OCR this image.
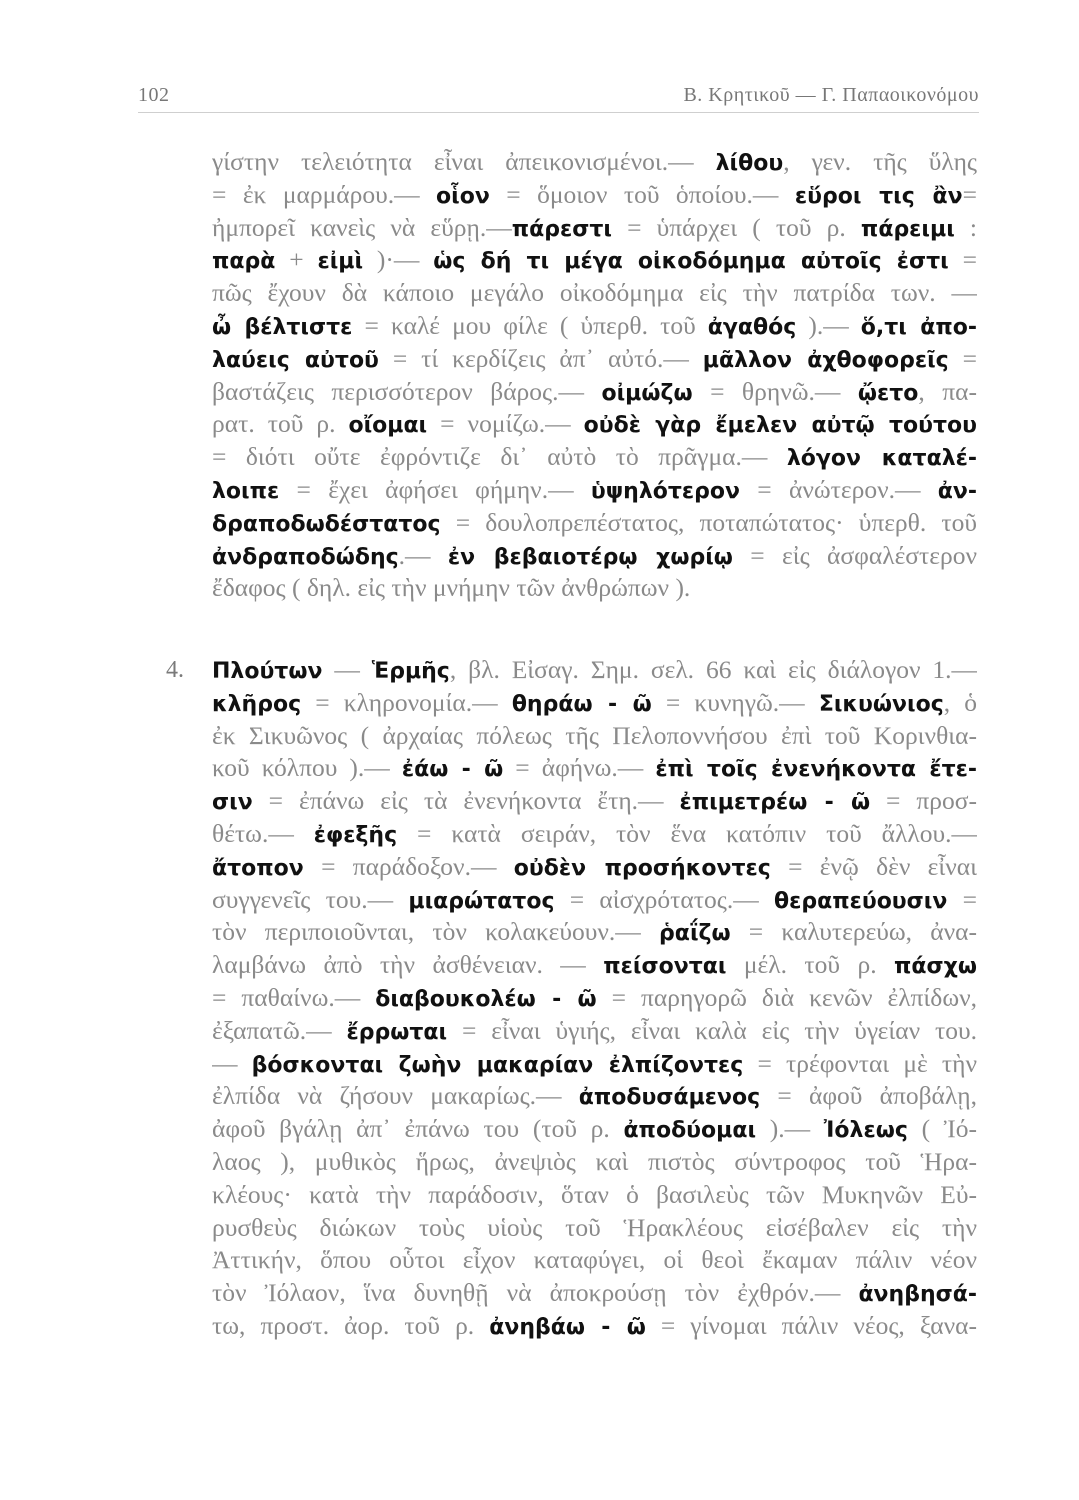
102	Β. Κρητικοῦ — Γ. Παπαοικονόμου
γίστην τελειότητα εἶναι ἀπεικονισμένοι.— λίθου, γεν. τῆς ὕλης
= ἐκ μαρμάρου.— οἷον = ὅμοιον τοῦ ὁποίου.— εὕροι τις ἂν=
ἠμπορεῖ κανεὶς νὰ εὕρῃ.—πάρεστι = ὑπάρχει ( τοῦ ρ. πάρειμι :
παρὰ + εἰμὶ )·— ὡς δή τι μέγα οἰκοδόμημα αὐτοῖς ἐστι =
πῶς ἔχουν δὰ κάποιο μεγάλο οἰκοδόμημα εἰς τὴν πατρίδα των. —
ὦ βέλτιστε = καλέ μου φίλε ( ὑπερθ. τοῦ ἀγαθός ).— ὅ,τι ἀπο-
λαύεις αὐτοῦ = τί κερδίζεις ἀπ᾿ αὐτό.— μᾶλλον ἀχθοφορεῖς =
βαστάζεις περισσότερον βάρος.— οἰμώζω = θρηνῶ.— ᾤετο, πα-
ρατ. τοῦ ρ. οἴομαι = νομίζω.— οὐδὲ γὰρ ἔμελεν αὐτῷ τούτου
= διότι οὔτε ἐφρόντιζε δι᾿ αὐτὸ τὸ πρᾶγμα.— λόγον καταλέ-
λοιπε = ἔχει ἀφήσει φήμην.— ὑψηλότερον = ἀνώτερον.— ἀν-
δραποδωδέστατος = δουλοπρεπέστατος, ποταπώτατος· ὑπερθ. τοῦ
ἀνδραποδώδης.— ἐν βεβαιοτέρῳ χωρίῳ = εἰς ἀσφαλέστερον
ἔδαφος ( δηλ. εἰς τὴν μνήμην τῶν ἀνθρώπων ).
4. Πλούτων — Ἑρμῆς, βλ. Εἰσαγ. Σημ. σελ. 66 καὶ εἰς διάλογον 1.—
κλῆρος = κληρονομία.— θηράω - ῶ = κυνηγῶ.— Σικυώνιος, ὁ
ἐκ Σικυῶνος ( ἀρχαίας πόλεως τῆς Πελοποννήσου ἐπὶ τοῦ Κορινθια-
κοῦ κόλπου ).— ἐάω - ῶ = ἀφήνω.— ἐπὶ τοῖς ἐνενήκοντα ἔτε-
σιν = ἐπάνω εἰς τὰ ἐνενήκοντα ἔτη.— ἐπιμετρέω - ῶ = προσ-
θέτω.— ἐφεξῆς = κατὰ σειράν, τὸν ἕνα κατόπιν τοῦ ἄλλου.—
ἄτοπον = παράδοξον.— οὐδὲν προσήκοντες = ἐνῷ δὲν εἶναι
συγγενεῖς του.— μιαρώτατος = αἰσχρότατος.— θεραπεύουσιν =
τὸν περιποιοῦνται, τὸν κολακεύουν.— ῥαΐζω = καλυτερεύω, ἀνα-
λαμβάνω ἀπὸ τὴν ἀσθένειαν. — πείσονται μέλ. τοῦ ρ. πάσχω
= παθαίνω.— διαβουκολέω - ῶ = παρηγορῶ διὰ κενῶν ἐλπίδων,
ἐξαπατῶ.— ἔρρωται = εἶναι ὑγιής, εἶναι καλὰ εἰς τὴν ὑγείαν του.
— βόσκονται ζωὴν μακαρίαν ἐλπίζοντες = τρέφονται μὲ τὴν
ἐλπίδα νὰ ζήσουν μακαρίως.— ἀποδυσάμενος = ἀφοῦ ἀποβάλῃ,
ἀφοῦ βγάλῃ ἀπ᾿ ἐπάνω του (τοῦ ρ. ἀποδύομαι ).— Ἰόλεως ( Ἰό-
λαος ), μυθικὸς ἥρως, ἀνεψιὸς καὶ πιστὸς σύντροφος τοῦ Ἡρα-
κλέους· κατὰ τὴν παράδοσιν, ὅταν ὁ βασιλεὺς τῶν Μυκηνῶν Εὐ-
ρυσθεὺς διώκων τοὺς υἱοὺς τοῦ Ἡρακλέους εἰσέβαλεν εἰς τὴν
Ἀττικήν, ὅπου οὗτοι εἶχον καταφύγει, οἱ θεοὶ ἔκαμαν πάλιν νέον
τὸν Ἰόλαον, ἵνα δυνηθῇ νὰ ἀποκρούσῃ τὸν ἐχθρόν.— ἀνηβησά-
τω, προστ. ἀορ. τοῦ ρ. ἀνηβάω - ῶ = γίνομαι πάλιν νέος, ξανα-
